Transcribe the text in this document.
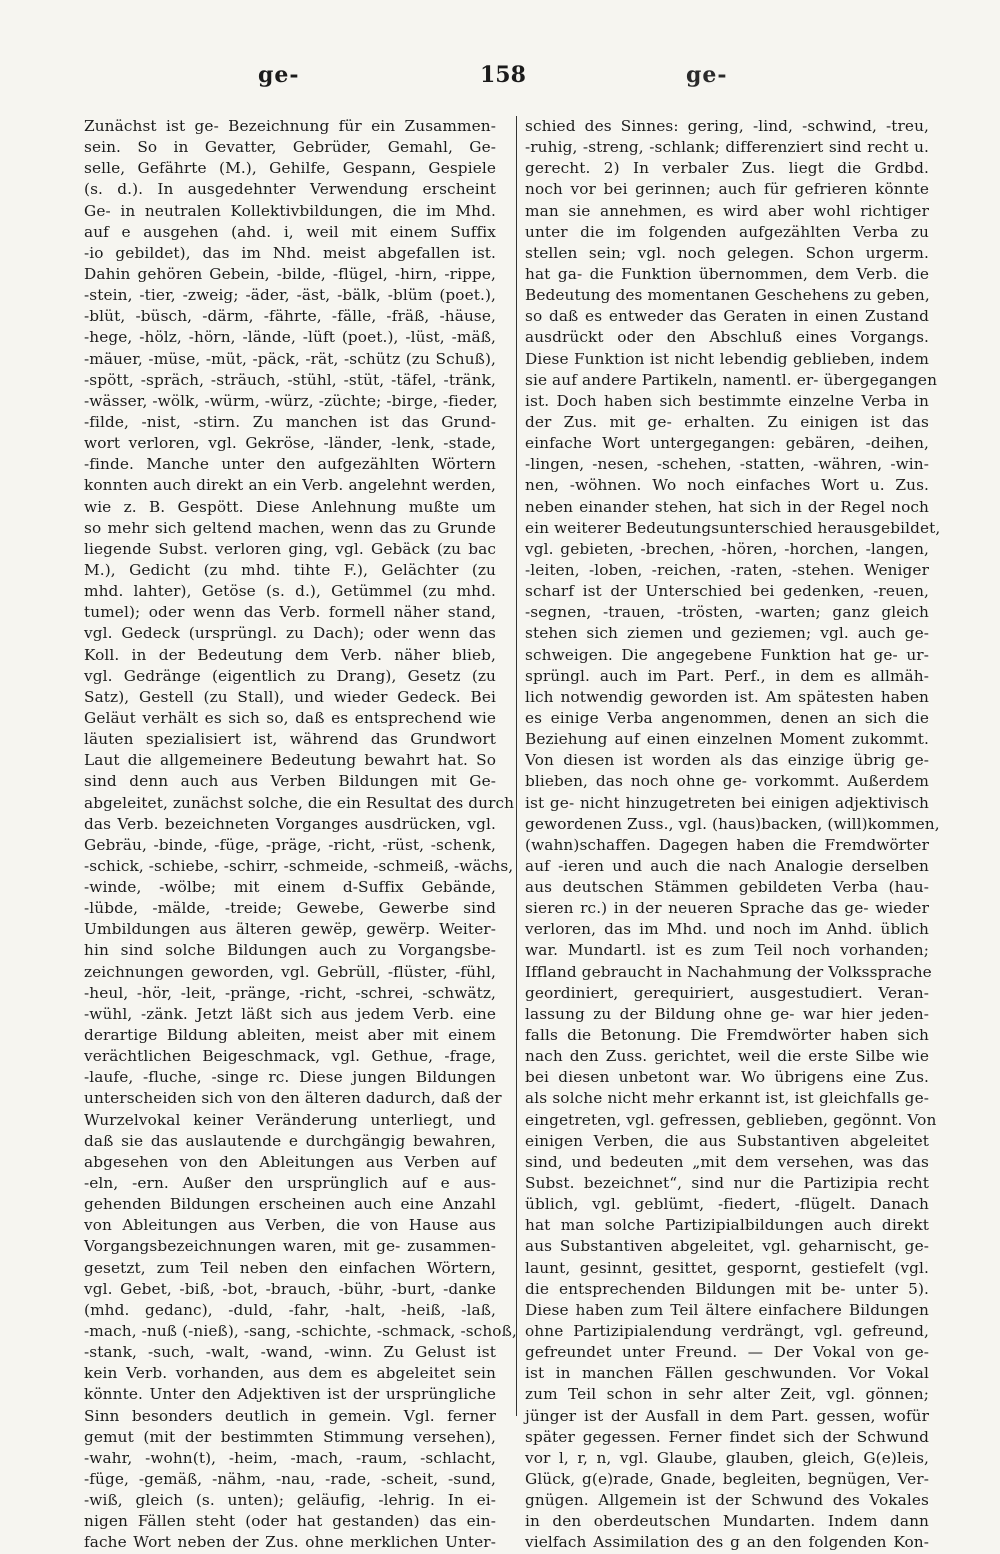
ge-	158	ge-
Zunächst ist ge- Bezeichnung für ein Zusammen-
sein. So in Gevatter, Gebrüder, Gemahl, Ge-
selle, Gefährte (M.), Gehilfe, Gespann, Gespiele
(s. d.). In ausgedehnter Verwendung erscheint
Ge- in neutralen Kollektivbildungen, die im Mhd.
auf e ausgehen (ahd. i, weil mit einem Suffix
-io gebildet), das im Nhd. meist abgefallen ist.
Dahin gehören Gebein, -bilde, -flügel, -hirn, -rippe,
-stein, -tier, -zweig; -äder, -äst, -bälk, -blüm (poet.),
-blüt, -büsch, -därm, -fährte, -fälle, -fräß, -häuse,
-hege, -hölz, -hörn, -lände, -lüft (poet.), -lüst, -mäß,
-mäuer, -müse, -müt, -päck, -rät, -schütz (zu Schuß),
-spött, -spräch, -sträuch, -stühl, -stüt, -täfel, -tränk,
-wässer, -wölk, -würm, -würz, -züchte; -birge, -fieder,
-filde, -nist, -stirn. Zu manchen ist das Grund-
wort verloren, vgl. Gekröse, -länder, -lenk, -stade,
-finde. Manche unter den aufgezählten Wörtern
konnten auch direkt an ein Verb. angelehnt werden,
wie z. B. Gespött. Diese Anlehnung mußte um
so mehr sich geltend machen, wenn das zu Grunde
liegende Subst. verloren ging, vgl. Gebäck (zu bac
M.), Gedicht (zu mhd. tihte F.), Gelächter (zu
mhd. lahter), Getöse (s. d.), Getümmel (zu mhd.
tumel); oder wenn das Verb. formell näher stand,
vgl. Gedeck (ursprüngl. zu Dach); oder wenn das
Koll. in der Bedeutung dem Verb. näher blieb,
vgl. Gedränge (eigentlich zu Drang), Gesetz (zu
Satz), Gestell (zu Stall), und wieder Gedeck. Bei
Geläut verhält es sich so, daß es entsprechend wie
läuten spezialisiert ist, während das Grundwort
Laut die allgemeinere Bedeutung bewahrt hat. So
sind denn auch aus Verben Bildungen mit Ge-
abgeleitet, zunächst solche, die ein Resultat des durch
das Verb. bezeichneten Vorganges ausdrücken, vgl.
Gebräu, -binde, -füge, -präge, -richt, -rüst, -schenk,
-schick, -schiebe, -schirr, -schmeide, -schmeiß, -wächs,
-winde, -wölbe; mit einem d-Suffix Gebände,
-lübde, -mälde, -treide; Gewebe, Gewerbe sind
Umbildungen aus älteren gewëp, gewërp. Weiter-
hin sind solche Bildungen auch zu Vorgangsbe-
zeichnungen geworden, vgl. Gebrüll, -flüster, -fühl,
-heul, -hör, -leit, -pränge, -richt, -schrei, -schwätz,
-wühl, -zänk. Jetzt läßt sich aus jedem Verb. eine
derartige Bildung ableiten, meist aber mit einem
verächtlichen Beigeschmack, vgl. Gethue, -frage,
-laufe, -fluche, -singe rc. Diese jungen Bildungen
unterscheiden sich von den älteren dadurch, daß der
Wurzelvokal keiner Veränderung unterliegt, und
daß sie das auslautende e durchgängig bewahren,
abgesehen von den Ableitungen aus Verben auf
-eln, -ern. Außer den ursprünglich auf e aus-
gehenden Bildungen erscheinen auch eine Anzahl
von Ableitungen aus Verben, die von Hause aus
Vorgangsbezeichnungen waren, mit ge- zusammen-
gesetzt, zum Teil neben den einfachen Wörtern,
vgl. Gebet, -biß, -bot, -brauch, -bühr, -burt, -danke
(mhd. gedanc), -duld, -fahr, -halt, -heiß, -laß,
-mach, -nuß (-nieß), -sang, -schichte, -schmack, -schoß,
-stank, -such, -walt, -wand, -winn. Zu Gelust ist
kein Verb. vorhanden, aus dem es abgeleitet sein
könnte. Unter den Adjektiven ist der ursprüngliche
Sinn besonders deutlich in gemein. Vgl. ferner
gemut (mit der bestimmten Stimmung versehen),
-wahr, -wohn(t), -heim, -mach, -raum, -schlacht,
-füge, -gemäß, -nähm, -nau, -rade, -scheit, -sund,
-wiß, gleich (s. unten); geläufig, -lehrig. In ei-
nigen Fällen steht (oder hat gestanden) das ein-
fache Wort neben der Zus. ohne merklichen Unter-
schied des Sinnes: gering, -lind, -schwind, -treu,
-ruhig, -streng, -schlank; differenziert sind recht u.
gerecht. 2) In verbaler Zus. liegt die Grdbd.
noch vor bei gerinnen; auch für gefrieren könnte
man sie annehmen, es wird aber wohl richtiger
unter die im folgenden aufgezählten Verba zu
stellen sein; vgl. noch gelegen. Schon urgerm.
hat ga- die Funktion übernommen, dem Verb. die
Bedeutung des momentanen Geschehens zu geben,
so daß es entweder das Geraten in einen Zustand
ausdrückt oder den Abschluß eines Vorgangs.
Diese Funktion ist nicht lebendig geblieben, indem
sie auf andere Partikeln, namentl. er- übergegangen
ist. Doch haben sich bestimmte einzelne Verba in
der Zus. mit ge- erhalten. Zu einigen ist das
einfache Wort untergegangen: gebären, -deihen,
-lingen, -nesen, -schehen, -statten, -währen, -win-
nen, -wöhnen. Wo noch einfaches Wort u. Zus.
neben einander stehen, hat sich in der Regel noch
ein weiterer Bedeutungsunterschied herausgebildet,
vgl. gebieten, -brechen, -hören, -horchen, -langen,
-leiten, -loben, -reichen, -raten, -stehen. Weniger
scharf ist der Unterschied bei gedenken, -reuen,
-segnen, -trauen, -trösten, -warten; ganz gleich
stehen sich ziemen und geziemen; vgl. auch ge-
schweigen. Die angegebene Funktion hat ge- ur-
sprüngl. auch im Part. Perf., in dem es allmäh-
lich notwendig geworden ist. Am spätesten haben
es einige Verba angenommen, denen an sich die
Beziehung auf einen einzelnen Moment zukommt.
Von diesen ist worden als das einzige übrig ge-
blieben, das noch ohne ge- vorkommt. Außerdem
ist ge- nicht hinzugetreten bei einigen adjektivisch
gewordenen Zuss., vgl. (haus)backen, (will)kommen,
(wahn)schaffen. Dagegen haben die Fremdwörter
auf -ieren und auch die nach Analogie derselben
aus deutschen Stämmen gebildeten Verba (hau-
sieren rc.) in der neueren Sprache das ge- wieder
verloren, das im Mhd. und noch im Anhd. üblich
war. Mundartl. ist es zum Teil noch vorhanden;
Iffland gebraucht in Nachahmung der Volkssprache
geordiniert, gerequiriert, ausgestudiert. Veran-
lassung zu der Bildung ohne ge- war hier jeden-
falls die Betonung. Die Fremdwörter haben sich
nach den Zuss. gerichtet, weil die erste Silbe wie
bei diesen unbetont war. Wo übrigens eine Zus.
als solche nicht mehr erkannt ist, ist gleichfalls ge-
eingetreten, vgl. gefressen, geblieben, gegönnt. Von
einigen Verben, die aus Substantiven abgeleitet
sind, und bedeuten „mit dem versehen, was das
Subst. bezeichnet“, sind nur die Partizipia recht
üblich, vgl. geblümt, -fiedert, -flügelt. Danach
hat man solche Partizipialbildungen auch direkt
aus Substantiven abgeleitet, vgl. geharnischt, ge-
launt, gesinnt, gesittet, gespornt, gestiefelt (vgl.
die entsprechenden Bildungen mit be- unter 5).
Diese haben zum Teil ältere einfachere Bildungen
ohne Partizipialendung verdrängt, vgl. gefreund,
gefreundet unter Freund. — Der Vokal von ge-
ist in manchen Fällen geschwunden. Vor Vokal
zum Teil schon in sehr alter Zeit, vgl. gönnen;
jünger ist der Ausfall in dem Part. gessen, wofür
später gegessen. Ferner findet sich der Schwund
vor l, r, n, vgl. Glaube, glauben, gleich, G(e)leis,
Glück, g(e)rade, Gnade, begleiten, begnügen, Ver-
gnügen. Allgemein ist der Schwund des Vokales
in den oberdeutschen Mundarten. Indem dann
vielfach Assimilation des g an den folgenden Kon-
